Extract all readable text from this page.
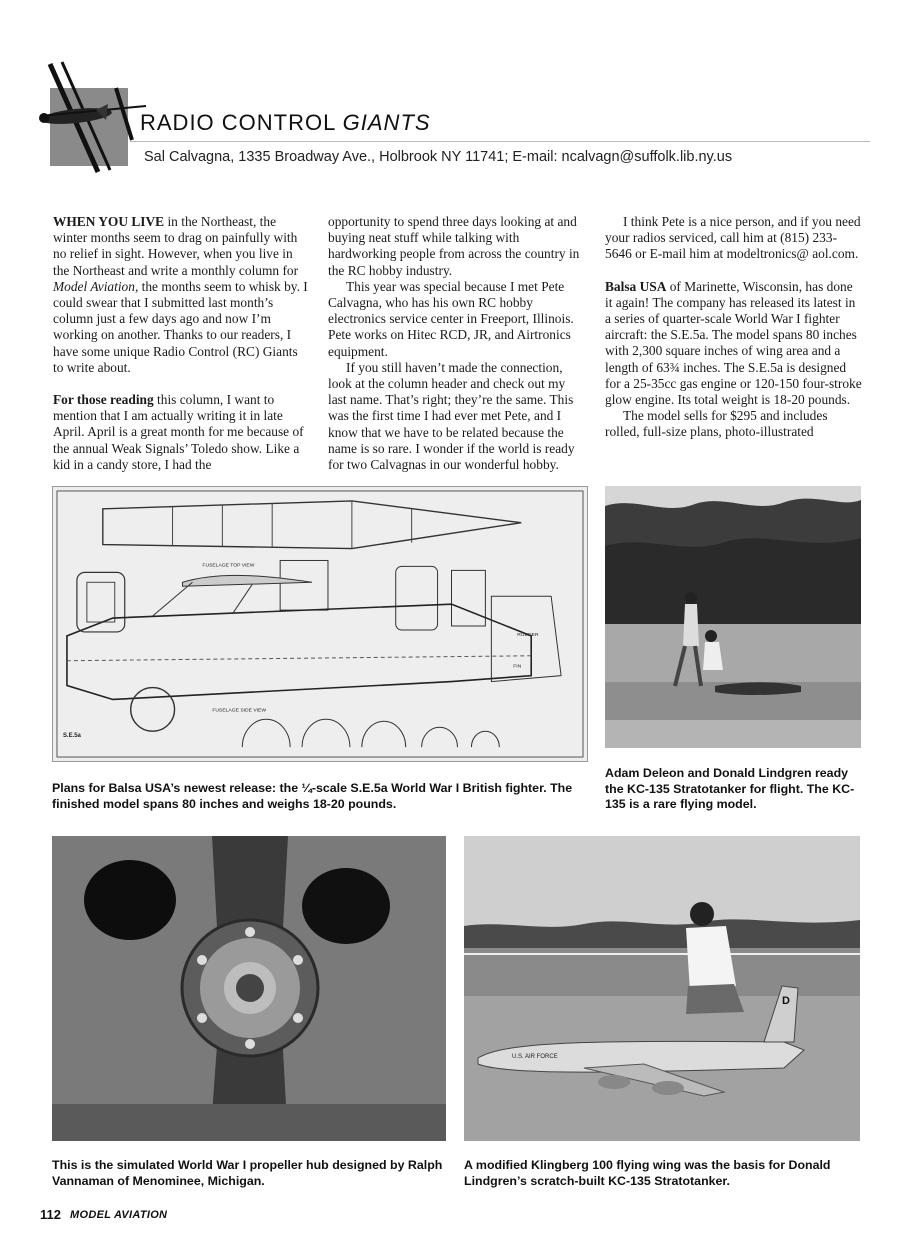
RADIO CONTROL GIANTS
Sal Calvagna, 1335 Broadway Ave., Holbrook NY 11741; E-mail: ncalvagn@suffolk.lib.ny.us

WHEN YOU LIVE in the Northeast, the winter months seem to drag on painfully with no relief in sight. However, when you live in the Northeast and write a monthly column for Model Aviation, the months seem to whisk by. I could swear that I submitted last month’s column just a few days ago and now I’m working on another. Thanks to our readers, I have some unique Radio Control (RC) Giants to write about.

For those reading this column, I want to mention that I am actually writing it in late April. April is a great month for me because of the annual Weak Signals’ Toledo show. Like a kid in a candy store, I had the

opportunity to spend three days looking at and buying neat stuff while talking with hardworking people from across the country in the RC hobby industry.

This year was special because I met Pete Calvagna, who has his own RC hobby electronics service center in Freeport, Illinois. Pete works on Hitec RCD, JR, and Airtronics equipment.

If you still haven’t made the connection, look at the column header and check out my last name. That’s right; they’re the same. This was the first time I had ever met Pete, and I know that we have to be related because the name is so rare. I wonder if the world is ready for two Calvagnas in our wonderful hobby.

I think Pete is a nice person, and if you need your radios serviced, call him at (815) 233-5646 or E-mail him at modeltronics@ aol.com.

Balsa USA of Marinette, Wisconsin, has done it again! The company has released its latest in a series of quarter-scale World War I fighter aircraft: the S.E.5a. The model spans 80 inches with 2,300 square inches of wing area and a length of 63¾ inches. The S.E.5a is designed for a 25-35cc gas engine or 120-150 four-stroke glow engine. Its total weight is 18-20 pounds.

The model sells for $295 and includes rolled, full-size plans, photo-illustrated

FUSELAGE TOP VIEW
RUDDER
FIN
FUSELAGE SIDE VIEW
S.E.5a
U.S. AIR FORCE
D
Plans for Balsa USA’s newest release: the ¼-scale S.E.5a World War I British fighter. The finished model spans 80 inches and weighs 18-20 pounds.
Adam Deleon and Donald Lindgren ready the KC-135 Stratotanker for flight. The KC-135 is a rare flying model.
This is the simulated World War I propeller hub designed by Ralph Vannaman of Menominee, Michigan.
A modified Klingberg 100 flying wing was the basis for Donald Lindgren’s scratch-built KC-135 Stratotanker.
112 MODEL AVIATION
